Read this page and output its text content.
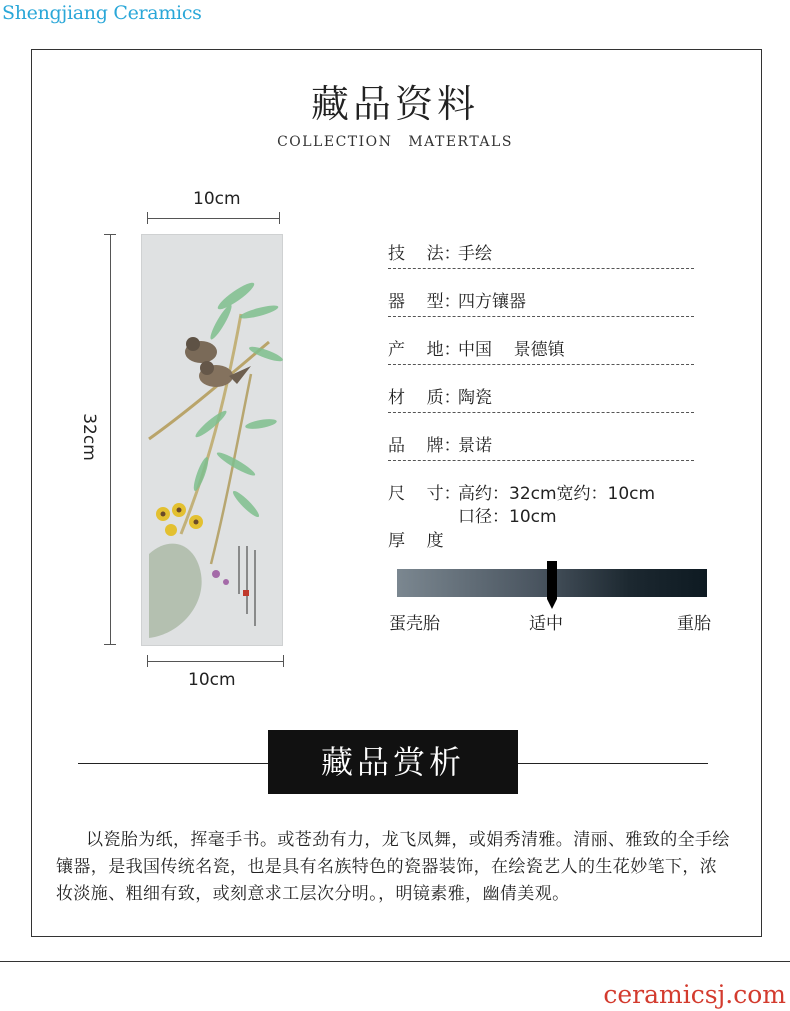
Shengjiang Ceramics
藏品资料
COLLECTION MATERTALS
10cm
32cm
10cm
技    法：手绘
器    型：四方镶器
产    地：中国    景德镇
材    质：陶瓷
品    牌：景诺
尺    寸：高约：32cm宽约：10cm
口径：10cm
厚    度
蛋壳胎	适中	重胎
藏品赏析
以瓷胎为纸，挥毫手书。或苍劲有力，龙飞凤舞，或娟秀清雅。清丽、雅致的全手绘镶器，是我国传统名瓷，也是具有名族特色的瓷器装饰，在绘瓷艺人的生花妙笔下，浓妆淡施、粗细有致，或刻意求工层次分明。，明镜素雅，幽倩美观。
ceramicsj.com
